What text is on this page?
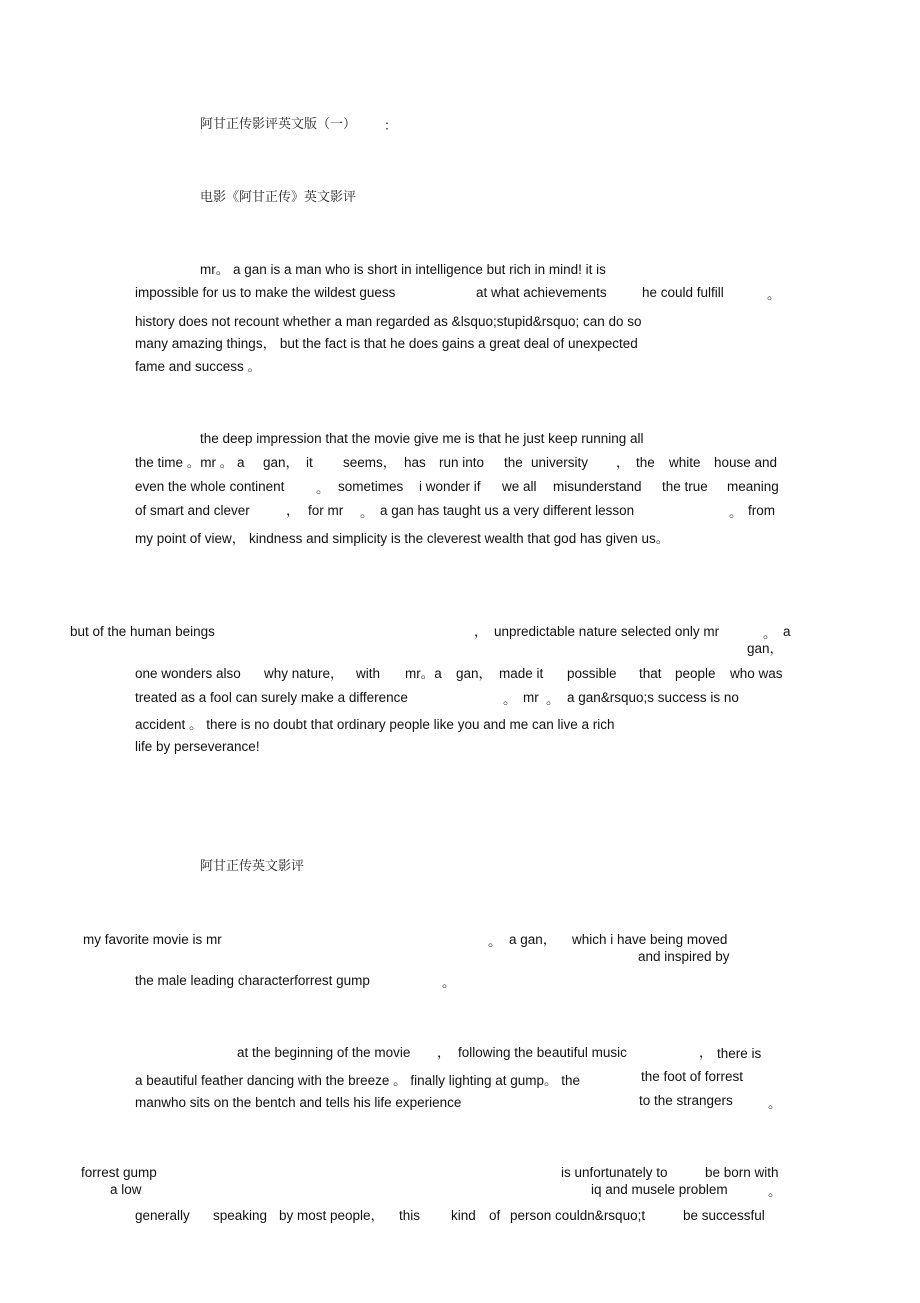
阿甘正传影评英文版（一） ：
电影《阿甘正传》英文影评
mr。 a gan is a man who is short in intelligence but rich in mind! it is
impossible for us to make the wildest guess	at what achievements	he could fulfill	。
history does not recount whether a man regarded as &lsquo;stupid&rsquo; can do so
many amazing things， but the fact is that he does gains a great deal of unexpected
fame and success 。
the deep impression that the movie give me is that he just keep running all
the time 。mr 。 a gan， it seems， has run into the university ， the white house and
even the whole continent 。 sometimes i wonder if we all misunderstand the true meaning
of smart and clever	， for mr 。 a gan has taught us a very different lesson	。 from
my point of view， kindness and simplicity is the cleverest wealth that god has given us。
but of the human beings	， unpredictable nature selected only mr	。 a
gan，
one wonders also why nature， with mr。a gan， made it possible that people who was
treated as a fool can surely make a difference	。 mr 。 a gan&rsquo;s success is no
accident 。 there is no doubt that ordinary people like you and me can live a rich
life by perseverance!
阿甘正传英文影评
my favorite movie is mr	。 a gan， which i have being moved
and inspired by
the male leading characterforrest gump	。
at the beginning of the movie ， following the beautiful music	， there is
a beautiful feather dancing with the breeze 。 finally lighting at gump。 the	the foot of forrest
manwho sits on the bentch and tells his life experience	to the strangers	。
forrest gump	is unfortunately to	be born with
a low	iq and musele problem	。
generally speaking by most people， this kind of person couldn&rsquo;t	be successful
